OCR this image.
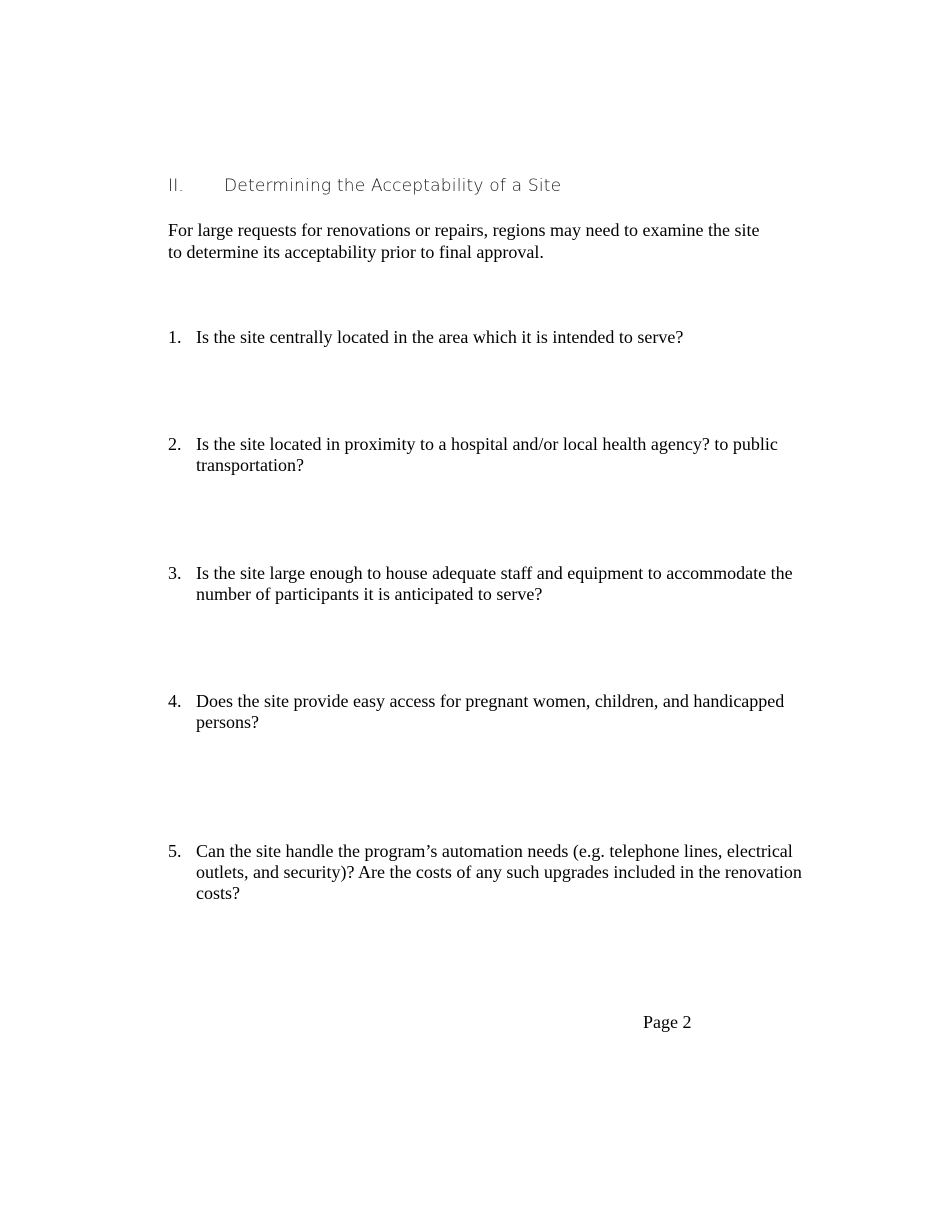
II. Determining the Acceptability of a Site
For large requests for renovations or repairs, regions may need to examine the site to determine its acceptability prior to final approval.
1. Is the site centrally located in the area which it is intended to serve?
2. Is the site located in proximity to a hospital and/or local health agency? to public transportation?
3. Is the site large enough to house adequate staff and equipment to accommodate the number of participants it is anticipated to serve?
4. Does the site provide easy access for pregnant women, children, and handicapped persons?
5. Can the site handle the program’s automation needs (e.g. telephone lines, electrical outlets, and security)? Are the costs of any such upgrades included in the renovation costs?
Page 2
